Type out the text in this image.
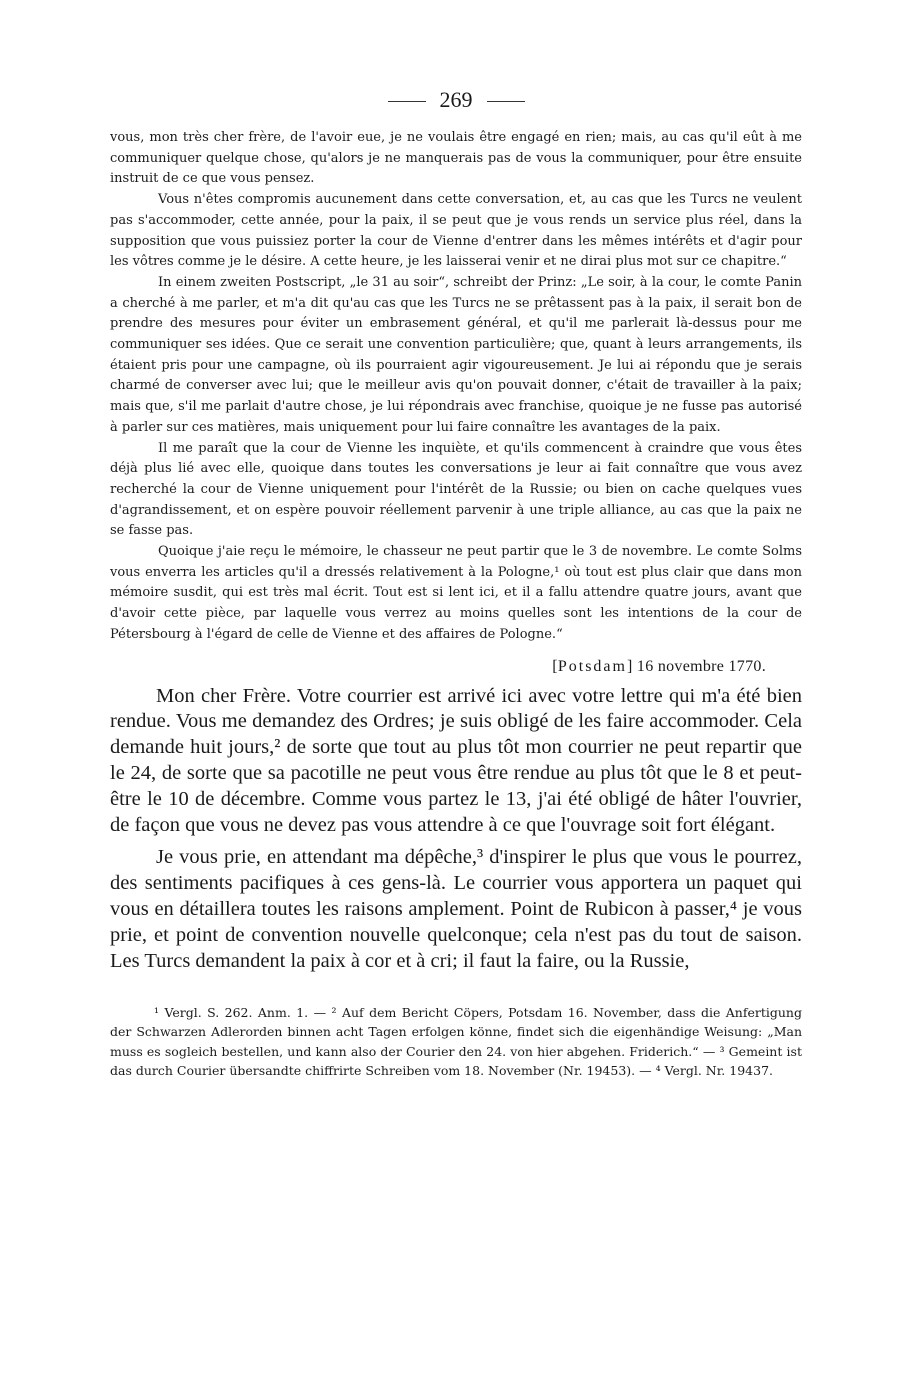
269

vous, mon très cher frère, de l'avoir eue, je ne voulais être engagé en rien; mais, au cas qu'il eût à me communiquer quelque chose, qu'alors je ne manquerais pas de vous la communiquer, pour être ensuite instruit de ce que vous pensez.

Vous n'êtes compromis aucunement dans cette conversation, et, au cas que les Turcs ne veulent pas s'accommoder, cette année, pour la paix, il se peut que je vous rends un service plus réel, dans la supposition que vous puissiez porter la cour de Vienne d'entrer dans les mêmes intérêts et d'agir pour les vôtres comme je le désire. A cette heure, je les laisserai venir et ne dirai plus mot sur ce chapitre.“

In einem zweiten Postscript, „le 31 au soir“, schreibt der Prinz: „Le soir, à la cour, le comte Panin a cherché à me parler, et m'a dit qu'au cas que les Turcs ne se prêtassent pas à la paix, il serait bon de prendre des mesures pour éviter un embrasement général, et qu'il me parlerait là-dessus pour me communiquer ses idées. Que ce serait une convention particulière; que, quant à leurs arrangements, ils étaient pris pour une campagne, où ils pourraient agir vigoureusement. Je lui ai répondu que je serais charmé de converser avec lui; que le meilleur avis qu'on pouvait donner, c'était de travailler à la paix; mais que, s'il me parlait d'autre chose, je lui répondrais avec franchise, quoique je ne fusse pas autorisé à parler sur ces matières, mais uniquement pour lui faire connaître les avantages de la paix.

Il me paraît que la cour de Vienne les inquiète, et qu'ils commencent à craindre que vous êtes déjà plus lié avec elle, quoique dans toutes les conversations je leur ai fait connaître que vous avez recherché la cour de Vienne uniquement pour l'intérêt de la Russie; ou bien on cache quelques vues d'agrandissement, et on espère pouvoir réellement parvenir à une triple alliance, au cas que la paix ne se fasse pas.

Quoique j'aie reçu le mémoire, le chasseur ne peut partir que le 3 de novembre. Le comte Solms vous enverra les articles qu'il a dressés relativement à la Pologne,¹ où tout est plus clair que dans mon mémoire susdit, qui est très mal écrit. Tout est si lent ici, et il a fallu attendre quatre jours, avant que d'avoir cette pièce, par laquelle vous verrez au moins quelles sont les intentions de la cour de Pétersbourg à l'égard de celle de Vienne et des affaires de Pologne.“

[Potsdam] 16 novembre 1770.

Mon cher Frère. Votre courrier est arrivé ici avec votre lettre qui m'a été bien rendue. Vous me demandez des Ordres; je suis obligé de les faire accommoder. Cela demande huit jours,² de sorte que tout au plus tôt mon courrier ne peut repartir que le 24, de sorte que sa pacotille ne peut vous être rendue au plus tôt que le 8 et peut-être le 10 de décembre. Comme vous partez le 13, j'ai été obligé de hâter l'ouvrier, de façon que vous ne devez pas vous attendre à ce que l'ouvrage soit fort élégant.

Je vous prie, en attendant ma dépêche,³ d'inspirer le plus que vous le pourrez, des sentiments pacifiques à ces gens-là. Le courrier vous apportera un paquet qui vous en détaillera toutes les raisons amplement. Point de Rubicon à passer,⁴ je vous prie, et point de convention nouvelle quelconque; cela n'est pas du tout de saison. Les Turcs demandent la paix à cor et à cri; il faut la faire, ou la Russie,

¹ Vergl. S. 262. Anm. 1. — ² Auf dem Bericht Cöpers, Potsdam 16. November, dass die Anfertigung der Schwarzen Adlerorden binnen acht Tagen erfolgen könne, findet sich die eigenhändige Weisung: „Man muss es sogleich bestellen, und kann also der Courier den 24. von hier abgehen. Friderich.“ — ³ Gemeint ist das durch Courier übersandte chiffrirte Schreiben vom 18. November (Nr. 19453). — ⁴ Vergl. Nr. 19437.
